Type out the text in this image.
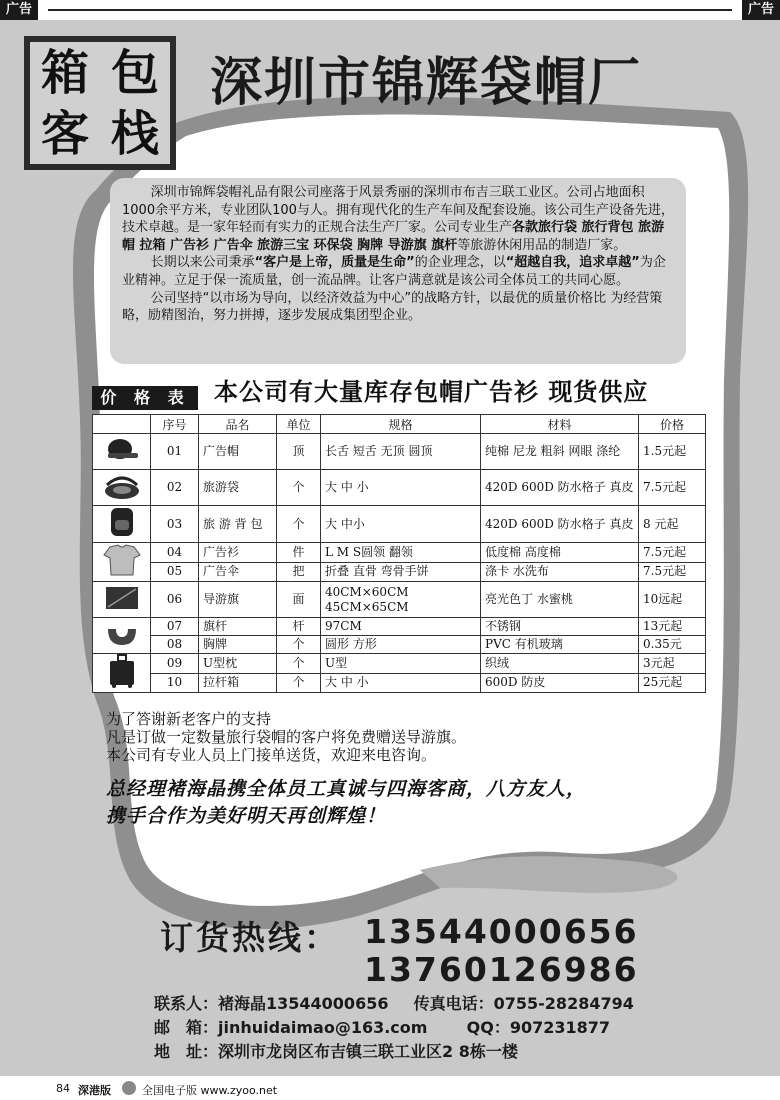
广告	广告
箱 包
客 栈
深圳市锦辉袋帽厂

深圳市锦辉袋帽礼品有限公司座落于风景秀丽的深圳市布吉三联工业区。公司占地面积1000余平方米，专业团队100与人。拥有现代化的生产车间及配套设施。该公司生产设备先进，技术卓越。是一家年轻而有实力的正规合法生产厂家。公司专业生产各款旅行袋 旅行背包 旅游帽 拉箱 广告衫 广告伞 旅游三宝 环保袋 胸牌 导游旗 旗杆等旅游休闲用品的制造厂家。

长期以来公司秉承“客户是上帝，质量是生命”的企业理念，以“超越自我，追求卓越”为企业精神。立足于保一流质量，创一流品牌。让客户满意就是该公司全体员工的共同心愿。

公司坚持“以市场为导向，以经济效益为中心”的战略方针，以最优的质量价格比 为经营策略，励精图治，努力拼搏，逐步发展成集团型企业。

价 格 表	本公司有大量库存包帽广告衫 现货供应
	序号	品名	单位	规格	材料	价格
	01	广告帽	顶	长舌 短舌 无顶 圆顶	纯棉 尼龙 粗斜 网眼 涤纶	1.5元起
	02	旅游袋	个	大 中 小	420D 600D 防水格子 真皮	7.5元起
	03	旅 游 背 包	个	大 中小	420D 600D 防水格子 真皮	8 元起
	04	广告衫	件	L M S圆领 翻领	低度棉 高度棉	7.5元起
	05	广告伞	把	折叠 直骨 弯骨手饼	涤卡 水洗布	7.5元起
	06	导游旗	面	40CM×60CM 45CM×65CM	亮光色丁 水蜜桃	10远起
	07	旗杆	杆	97CM	不锈钢	13元起
	08	胸牌	个	圆形 方形	PVC 有机玻璃	0.35元
	09	U型枕	个	U型	织绒	3元起
	10	拉杆箱	个	大 中 小	600D 防皮	25元起
为了答谢新老客户的支持
凡是订做一定数量旅行袋帽的客户将免费赠送导游旗。
本公司有专业人员上门接单送货，欢迎来电咨询。
总经理褚海晶携全体员工真诚与四海客商，八方友人，
携手合作为美好明天再创辉煌！
订货热线： 13544000656
13760126986
联系人：褚海晶13544000656 传真电话：0755-28284794
邮　箱：jinhuidaimao@163.com QQ：907231877
地　址：深圳市龙岗区布吉镇三联工业区2 8栋一楼
84 深港版	全国电子版 www.zyoo.net
